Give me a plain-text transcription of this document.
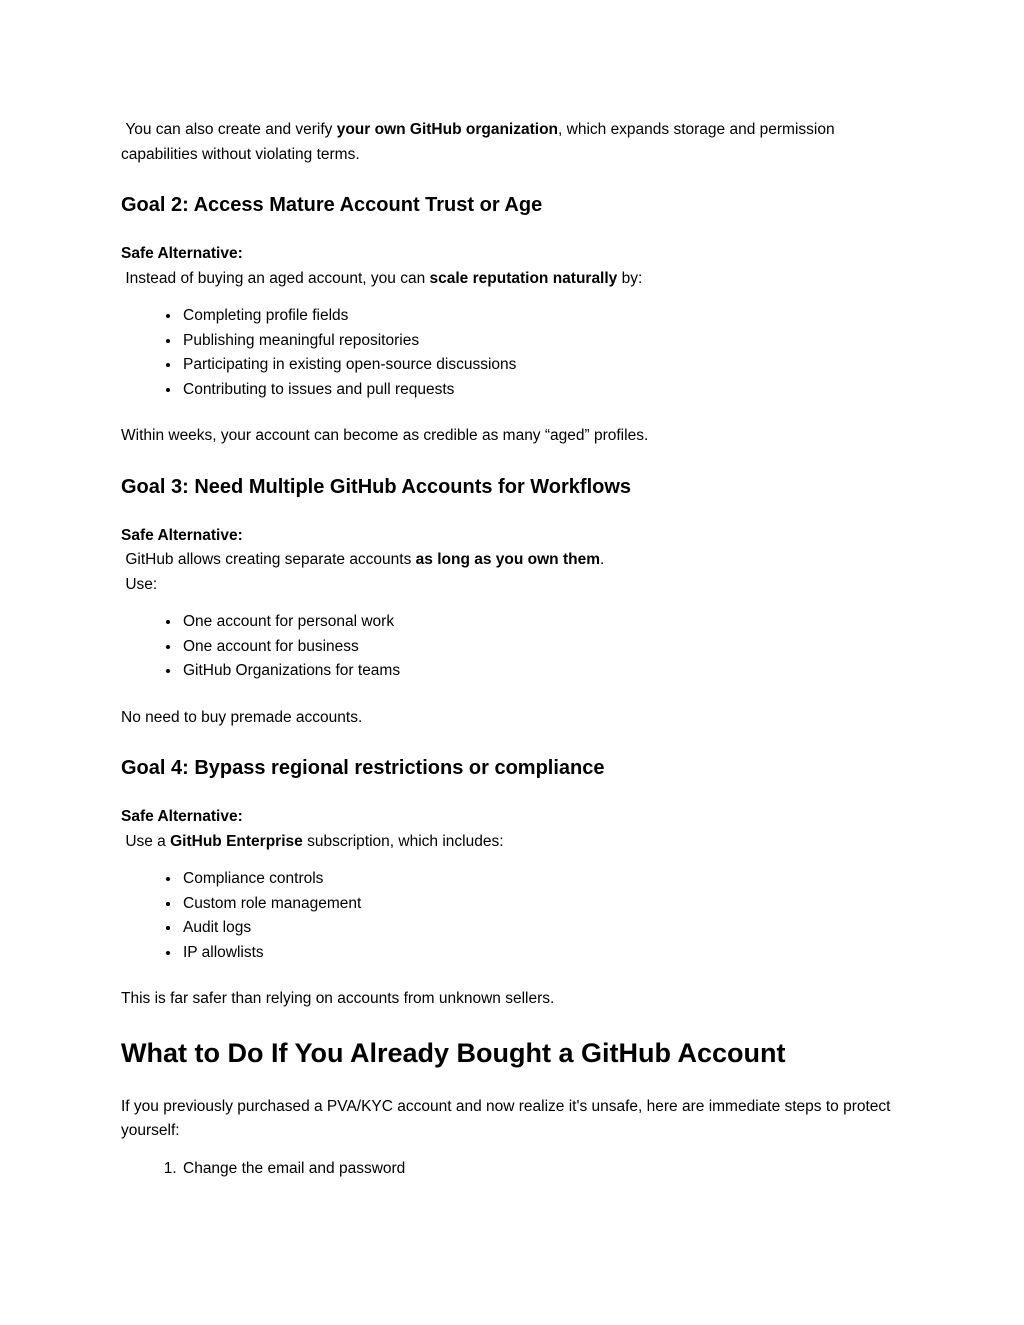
You can also create and verify your own GitHub organization, which expands storage and permission capabilities without violating terms.

Goal 2: Access Mature Account Trust or Age

Safe Alternative:
Instead of buying an aged account, you can scale reputation naturally by:

• Completing profile fields
• Publishing meaningful repositories
• Participating in existing open-source discussions
• Contributing to issues and pull requests

Within weeks, your account can become as credible as many “aged” profiles.

Goal 3: Need Multiple GitHub Accounts for Workflows

Safe Alternative:
GitHub allows creating separate accounts as long as you own them.
Use:

• One account for personal work
• One account for business
• GitHub Organizations for teams

No need to buy premade accounts.

Goal 4: Bypass regional restrictions or compliance

Safe Alternative:
Use a GitHub Enterprise subscription, which includes:

• Compliance controls
• Custom role management
• Audit logs
• IP allowlists

This is far safer than relying on accounts from unknown sellers.

What to Do If You Already Bought a GitHub Account

If you previously purchased a PVA/KYC account and now realize it's unsafe, here are immediate steps to protect yourself:

1. Change the email and password
